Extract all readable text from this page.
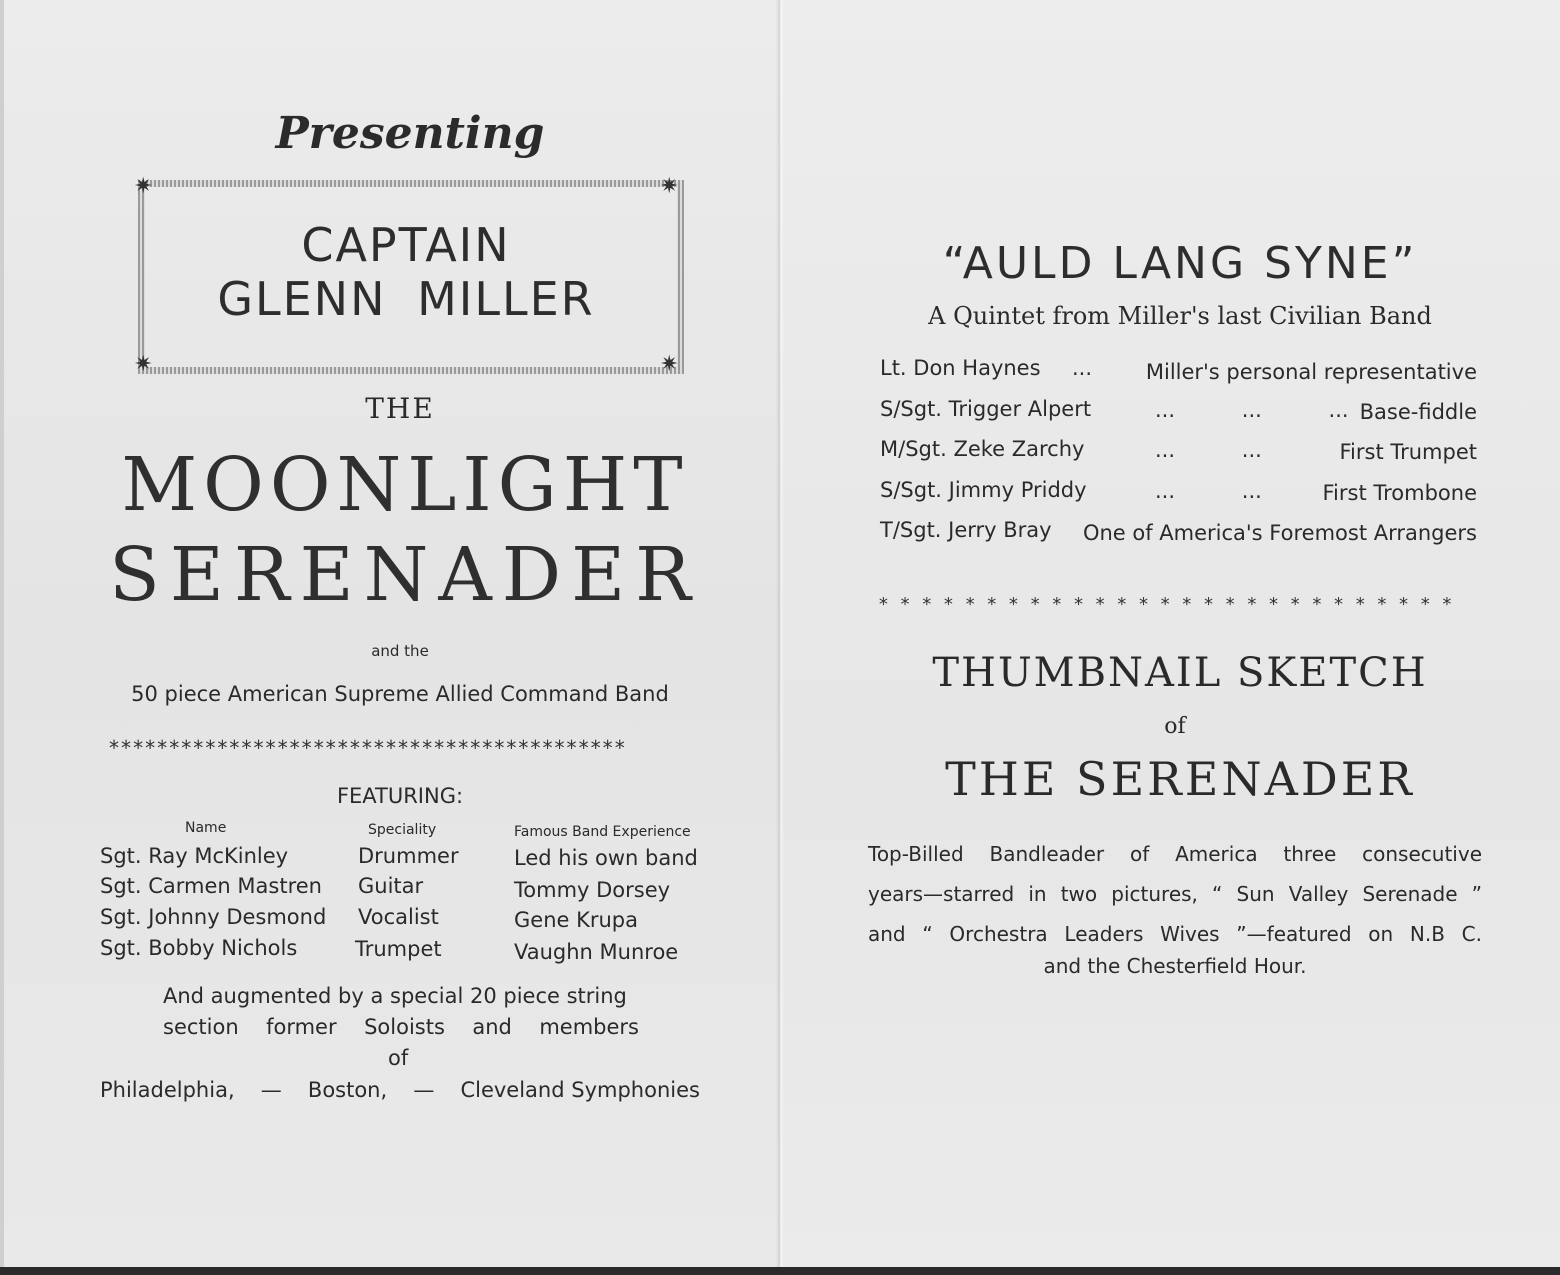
Presenting
✷	✷
✷	✷
CAPTAIN
GLENN MILLER
THE
MOONLIGHT
SERENADER
and the
50 piece American Supreme Allied Command Band
*******************************************
FEATURING:
Name	Speciality	Famous Band Experience
Sgt. Ray McKinley	Drummer	Led his own band
Sgt. Carmen Mastren Guitar	Tommy Dorsey
Sgt. Johnny Desmond Vocalist	Gene Krupa
Sgt. Bobby Nichols	Trumpet	Vaughn Munroe
And augmented by a special 20 piece string
section former Soloists and members
of
Philadelphia, — Boston, — Cleveland Symphonies
“AULD LANG SYNE”
A Quintet from Miller's last Civilian Band
Lt. Don Haynes ...	Miller's personal representative
S/Sgt. Trigger Alpert	...          ...          ... Base-fiddle
M/Sgt. Zeke Zarchy	...          ...	First Trumpet
S/Sgt. Jimmy Priddy	...          ...	First Trombone
T/Sgt. Jerry Bray One of America's Foremost Arrangers
* * * * * * * * * * * * * * * * * * * * * * * * * * *
THUMBNAIL SKETCH
of
THE SERENADER
Top-Billed Bandleader of America three consecutive
years—starred in two pictures, “ Sun Valley Serenade ”
and “ Orchestra Leaders Wives ”—featured on N.B C.
and the Chesterfield Hour.
